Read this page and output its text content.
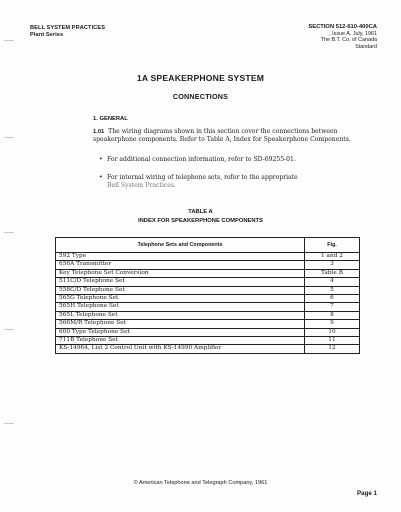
BELL SYSTEM PRACTICES
Plant Series
SECTION 512-610-400CA
, Issue A, July, 1961
The B.T. Co. of Canada
Standard
1A SPEAKERPHONE SYSTEM
CONNECTIONS
1. GENERAL
1.01 The wiring diagrams shown in this section cover the connections between speakerphone components. Refer to Table A, Index for Speakerphone Components.
• For additional connection information, refer to SD-69255-01.
• For internal wiring of telephone sets, refer to the appropriate
Bell System Practices.
TABLE A
INDEX FOR SPEAKERPHONE COMPONENTS
Telephone Sets and Components	Fig.
592 Type	1 and 2
656A Transmitter	3
Key Telephone Set Conversion	Table B
511C/D Telephone Set	4
558C/D Telephone Set	5
565G Telephone Set	6
565H Telephone Set	7
565L Telephone Set	8
566M/R Telephone Set	9
600 Type Telephone Set	10
711B Telephone Set	11
KS-14964, List 2 Control Unit with KS-14990 Amplifier	12
© American Telephone and Telegraph Company, 1961
Page 1
